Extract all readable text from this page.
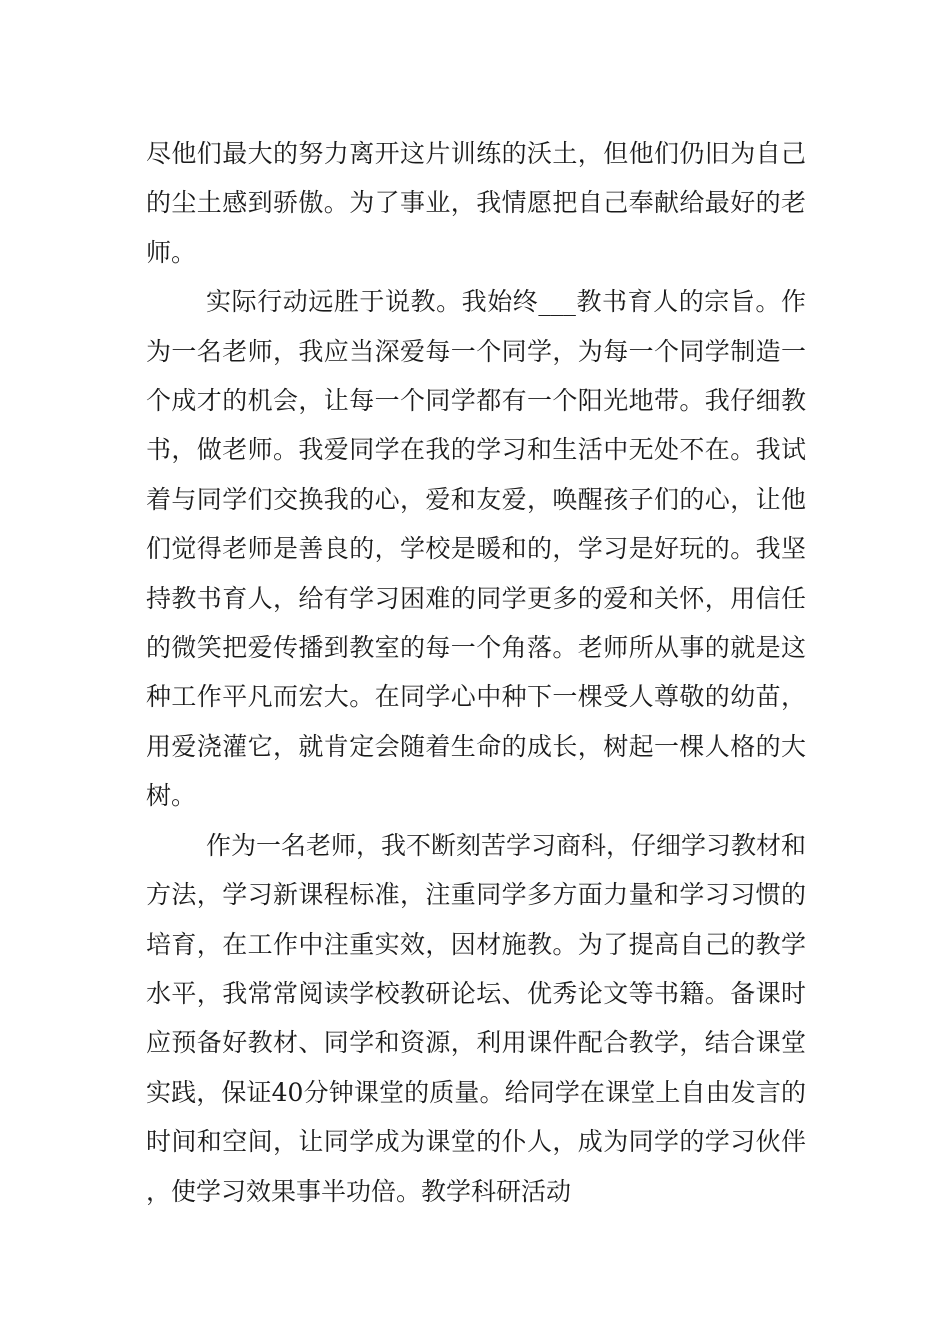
尽他们最大的努力离开这片训练的沃土，但他们仍旧为自己的尘土感到骄傲。为了事业，我情愿把自己奉献给最好的老师。

实际行动远胜于说教。我始终___教书育人的宗旨。作为一名老师，我应当深爱每一个同学，为每一个同学制造一个成才的机会，让每一个同学都有一个阳光地带。我仔细教书，做老师。我爱同学在我的学习和生活中无处不在。我试着与同学们交换我的心，爱和友爱，唤醒孩子们的心，让他们觉得老师是善良的，学校是暖和的，学习是好玩的。我坚持教书育人，给有学习困难的同学更多的爱和关怀，用信任的微笑把爱传播到教室的每一个角落。老师所从事的就是这种工作平凡而宏大。在同学心中种下一棵受人尊敬的幼苗，用爱浇灌它，就肯定会随着生命的成长，树起一棵人格的大树。

作为一名老师，我不断刻苦学习商科，仔细学习教材和方法，学习新课程标准，注重同学多方面力量和学习习惯的培育，在工作中注重实效，因材施教。为了提高自己的教学水平，我常常阅读学校教研论坛、优秀论文等书籍。备课时应预备好教材、同学和资源，利用课件配合教学，结合课堂实践，保证40分钟课堂的质量。给同学在课堂上自由发言的时间和空间，让同学成为课堂的仆人，成为同学的学习伙伴，使学习效果事半功倍。教学科研活动
